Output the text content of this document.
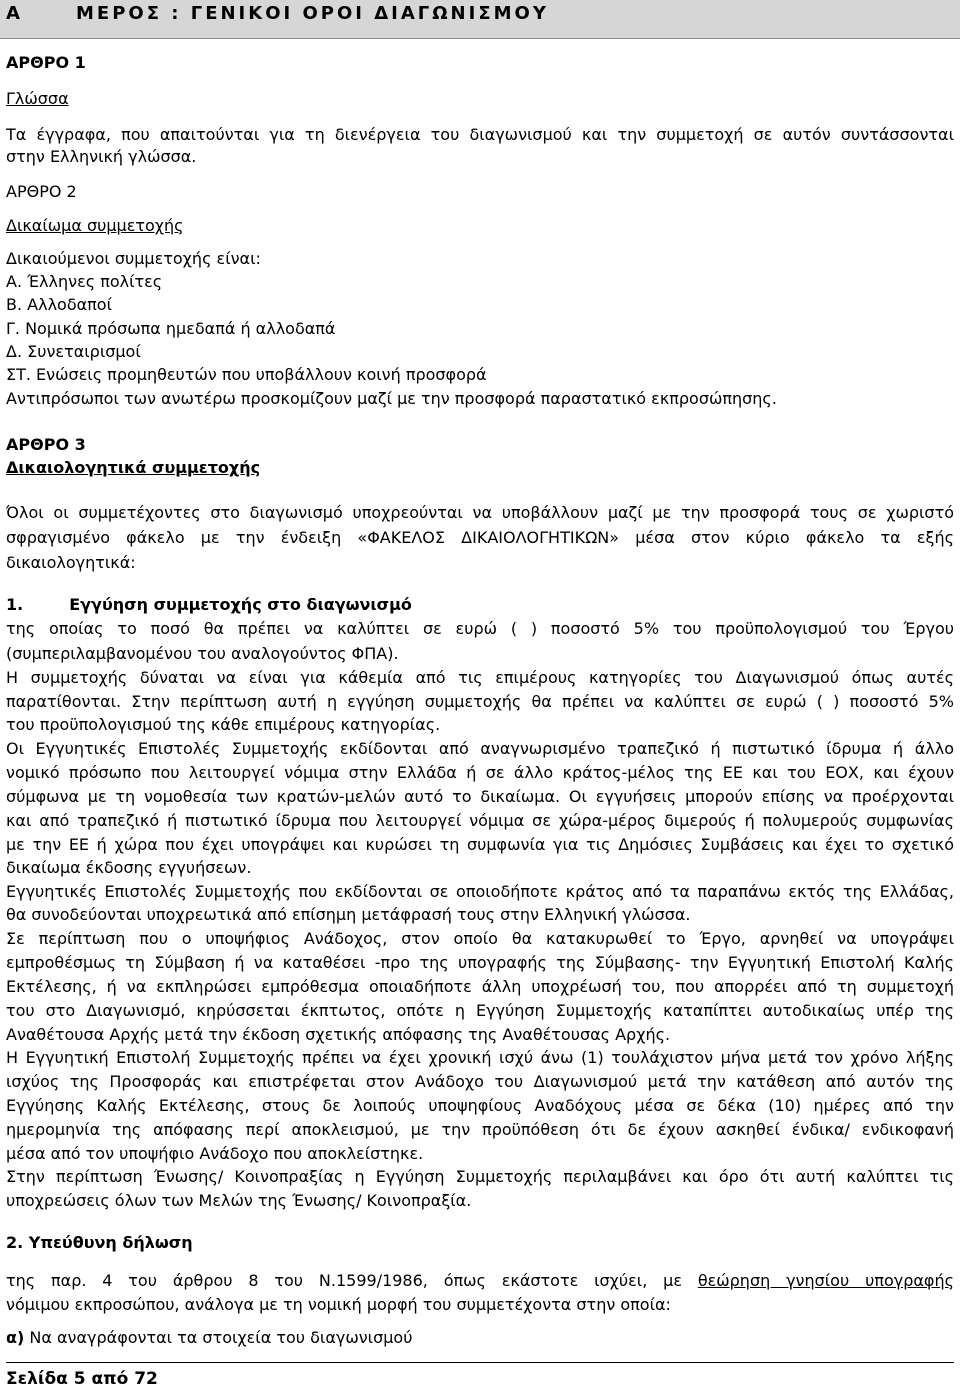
Α	ΜΕΡΟΣ : ΓΕΝΙΚΟΙ ΟΡΟΙ ΔΙΑΓΩΝΙΣΜΟΥ
ΑΡΘΡΟ 1
Γλώσσα
Τα έγγραφα, που απαιτούνται για τη διενέργεια του διαγωνισμού και την συμμετοχή σε αυτόν συντάσσονται
στην Ελληνική γλώσσα.
ΑΡΘΡΟ 2
Δικαίωμα συμμετοχής
Δικαιούμενοι συμμετοχής είναι:
Α. Έλληνες πολίτες
Β. Αλλοδαποί
Γ. Νομικά πρόσωπα ημεδαπά ή αλλοδαπά
Δ. Συνεταιρισμοί
ΣΤ. Ενώσεις προμηθευτών που υποβάλλουν κοινή προσφορά
Αντιπρόσωποι των ανωτέρω προσκομίζουν μαζί με την προσφορά παραστατικό εκπροσώπησης.
ΑΡΘΡΟ 3
Δικαιολογητικά συμμετοχής
Όλοι οι συμμετέχοντες στο διαγωνισμό υποχρεούνται να υποβάλλουν μαζί με την προσφορά τους σε χωριστό
σφραγισμένο φάκελο με την ένδειξη «ΦΑΚΕΛΟΣ ΔΙΚΑΙΟΛΟΓΗΤΙΚΩΝ» μέσα στον κύριο φάκελο τα εξής
δικαιολογητικά:
1.	Εγγύηση συμμετοχής στο διαγωνισμό
της οποίας το ποσό θα πρέπει να καλύπτει σε ευρώ ( ) ποσοστό 5% του προϋπολογισμού του Έργου
(συμπεριλαμβανομένου του αναλογούντος ΦΠΑ).
Η συμμετοχής δύναται να είναι για κάθεμία από τις επιμέρους κατηγορίες του Διαγωνισμού όπως αυτές
παρατίθονται. Στην περίπτωση αυτή η εγγύηση συμμετοχής θα πρέπει να καλύπτει σε ευρώ ( ) ποσοστό 5%
του προϋπολογισμού της κάθε επιμέρους κατηγορίας.
Οι Εγγυητικές Επιστολές Συμμετοχής εκδίδονται από αναγνωρισμένο τραπεζικό ή πιστωτικό ίδρυμα ή άλλο
νομικό πρόσωπο που λειτουργεί νόμιμα στην Ελλάδα ή σε άλλο κράτος-μέλος της ΕΕ και του ΕΟΧ, και έχουν
σύμφωνα με τη νομοθεσία των κρατών-μελών αυτό το δικαίωμα. Οι εγγυήσεις μπορούν επίσης να προέρχονται
και από τραπεζικό ή πιστωτικό ίδρυμα που λειτουργεί νόμιμα σε χώρα-μέρος διμερούς ή πολυμερούς συμφωνίας
με την ΕΕ ή χώρα που έχει υπογράψει και κυρώσει τη συμφωνία για τις Δημόσιες Συμβάσεις και έχει το σχετικό
δικαίωμα έκδοσης εγγυήσεων.
Εγγυητικές Επιστολές Συμμετοχής που εκδίδονται σε οποιοδήποτε κράτος από τα παραπάνω εκτός της Ελλάδας,
θα συνοδεύονται υποχρεωτικά από επίσημη μετάφρασή τους στην Ελληνική γλώσσα.
Σε περίπτωση που ο υποψήφιος Ανάδοχος, στον οποίο θα κατακυρωθεί το Έργο, αρνηθεί να υπογράψει
εμπροθέσμως τη Σύμβαση ή να καταθέσει -προ της υπογραφής της Σύμβασης- την Εγγυητική Επιστολή Καλής
Εκτέλεσης, ή να εκπληρώσει εμπρόθεσμα οποιαδήποτε άλλη υποχρέωσή του, που απορρέει από τη συμμετοχή
του στο Διαγωνισμό, κηρύσσεται έκπτωτος, οπότε η Εγγύηση Συμμετοχής καταπίπτει αυτοδικαίως υπέρ της
Αναθέτουσα Αρχής μετά την έκδοση σχετικής απόφασης της Αναθέτουσας Αρχής.
Η Εγγυητική Επιστολή Συμμετοχής πρέπει να έχει χρονική ισχύ άνω (1) τουλάχιστον μήνα μετά τον χρόνο λήξης
ισχύος της Προσφοράς και επιστρέφεται στον Ανάδοχο του Διαγωνισμού μετά την κατάθεση από αυτόν της
Εγγύησης Καλής Εκτέλεσης, στους δε λοιπούς υποψηφίους Αναδόχους μέσα σε δέκα (10) ημέρες από την
ημερομηνία της απόφασης περί αποκλεισμού, με την προϋπόθεση ότι δε έχουν ασκηθεί ένδικα/ ενδικοφανή
μέσα από τον υποψήφιο Ανάδοχο που αποκλείστηκε.
Στην περίπτωση Ένωσης/ Κοινοπραξίας η Εγγύηση Συμμετοχής περιλαμβάνει και όρο ότι αυτή καλύπτει τις
υποχρεώσεις όλων των Μελών της Ένωσης/ Κοινοπραξία.
2. Υπεύθυνη δήλωση
της παρ. 4 του άρθρου 8 του Ν.1599/1986, όπως εκάστοτε ισχύει, με θεώρηση γνησίου υπογραφής
νόμιμου εκπροσώπου, ανάλογα με τη νομική μορφή του συμμετέχοντα στην οποία:
α) Να αναγράφονται τα στοιχεία του διαγωνισμού
Σελίδα 5 από 72
